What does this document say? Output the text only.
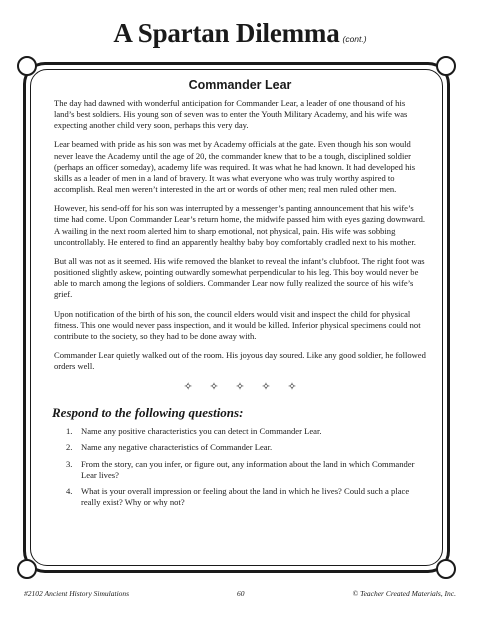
A Spartan Dilemma (cont.)
Commander Lear

The day had dawned with wonderful anticipation for Commander Lear, a leader of one thousand of his land’s best soldiers. His young son of seven was to enter the Youth Military Academy, and his wife was expecting another child very soon, perhaps this very day.

Lear beamed with pride as his son was met by Academy officials at the gate. Even though his son would never leave the Academy until the age of 20, the commander knew that to be a tough, disciplined soldier (perhaps an officer someday), academy life was required. It was what he had known. It had developed his skills as a leader of men in a land of bravery. It was what everyone who was truly worthy aspired to accomplish. Real men weren’t interested in the art or words of other men; real men ruled other men.

However, his send-off for his son was interrupted by a messenger’s panting announcement that his wife’s time had come. Upon Commander Lear’s return home, the midwife passed him with eyes gazing downward. A wailing in the next room alerted him to sharp emotional, not physical, pain. His wife was sobbing uncontrollably. He entered to find an apparently healthy baby boy comfortably cradled next to his mother.

But all was not as it seemed. His wife removed the blanket to reveal the infant’s clubfoot. The right foot was positioned slightly askew, pointing outwardly somewhat perpendicular to his leg. This boy would never be able to march among the legions of soldiers. Commander Lear now fully realized the source of his wife’s grief.

Upon notification of the birth of his son, the council elders would visit and inspect the child for physical fitness. This one would never pass inspection, and it would be killed. Inferior physical specimens could not contribute to the society, so they had to be done away with.

Commander Lear quietly walked out of the room. His joyous day soured. Like any good soldier, he followed orders well.

✧ ✧ ✧ ✧ ✧
Respond to the following questions:
1. Name any positive characteristics you can detect in Commander Lear.
2. Name any negative characteristics of Commander Lear.
3. From the story, can you infer, or figure out, any information about the land in which Commander Lear lives?
4. What is your overall impression or feeling about the land in which he lives? Could such a place really exist? Why or why not?
#2102 Ancient History Simulations	60	© Teacher Created Materials, Inc.
